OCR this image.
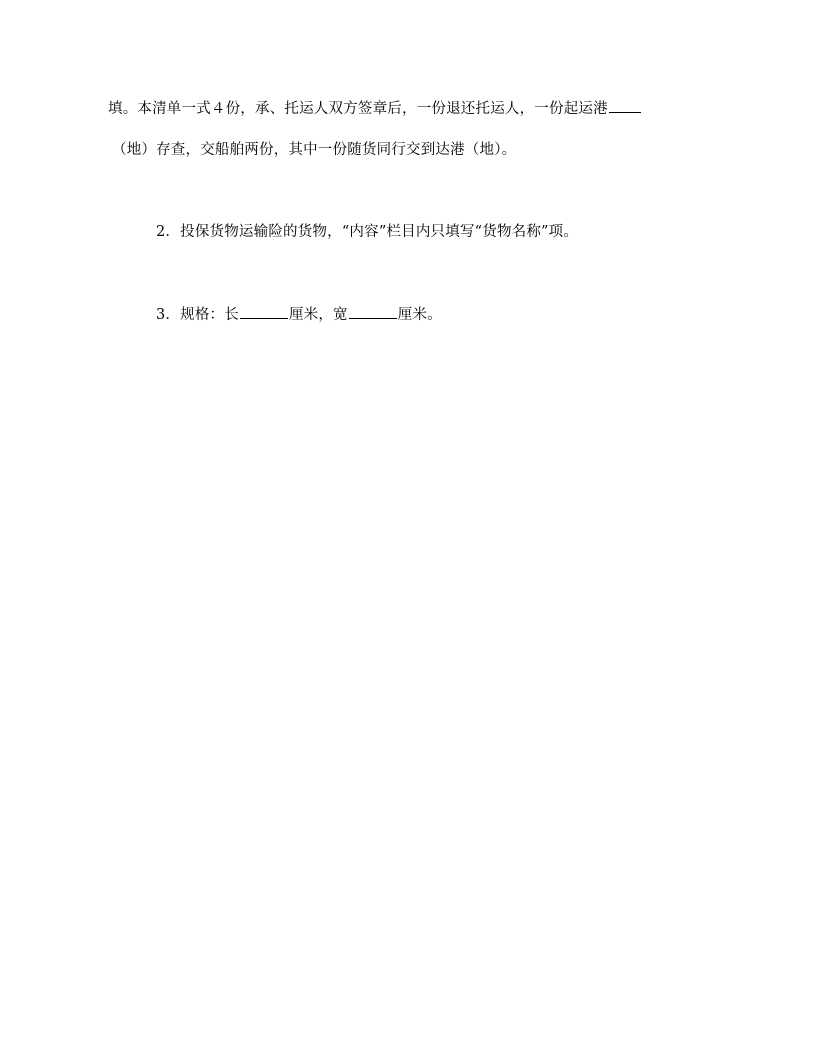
填。本清单一式４份，承、托运人双方签章后，一份退还托运人，一份起运港
（地）存查，交船舶两份，其中一份随货同行交到达港（地）。
2．投保货物运输险的货物，“内容”栏目内只填写“货物名称”项。
3．规格：长	厘米，宽	厘米。
